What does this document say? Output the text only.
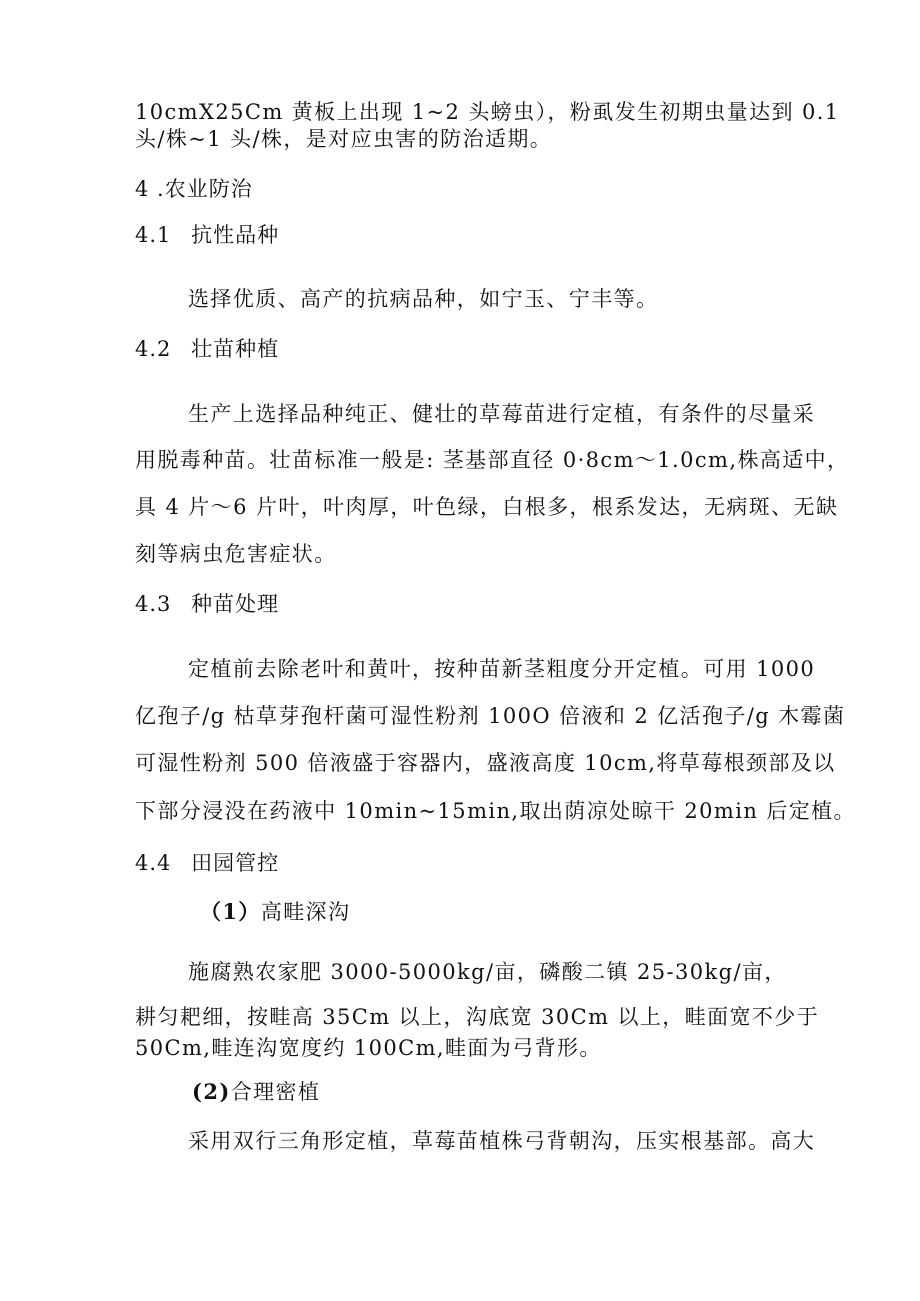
10cmX25Cm 黄板上出现 1~2 头螃虫），粉虱发生初期虫量达到 0.1
头/株~1 头/株，是对应虫害的防治适期。
4 .农业防治
4.1 抗性品种
选择优质、高产的抗病品种，如宁玉、宁丰等。
4.2 壮苗种植
生产上选择品种纯正、健壮的草莓苗进行定植，有条件的尽量采
用脱毒种苗。壮苗标准一般是: 茎基部直径 0·8cm～1.0cm,株高适中，
具 4 片～6 片叶，叶肉厚，叶色绿，白根多，根系发达，无病斑、无缺
刻等病虫危害症状。
4.3 种苗处理
定植前去除老叶和黄叶，按种苗新茎粗度分开定植。可用 1000
亿孢子/g 枯草芽孢杆菌可湿性粉剂 100O 倍液和 2 亿活孢子/g 木霉菌
可湿性粉剂 500 倍液盛于容器内，盛液高度 10cm,将草莓根颈部及以
下部分浸没在药液中 10min~15min,取出荫凉处晾干 20min 后定植。
4.4 田园管控
（1）高畦深沟
施腐熟农家肥 3000-5000kg/亩，磷酸二镇 25-30kg/亩，
耕匀耙细，按畦高 35Cm 以上，沟底宽 30Cm 以上，畦面宽不少于
50Cm,畦连沟宽度约 100Cm,畦面为弓背形。
(2)合理密植
采用双行三角形定植，草莓苗植株弓背朝沟，压实根基部。高大
